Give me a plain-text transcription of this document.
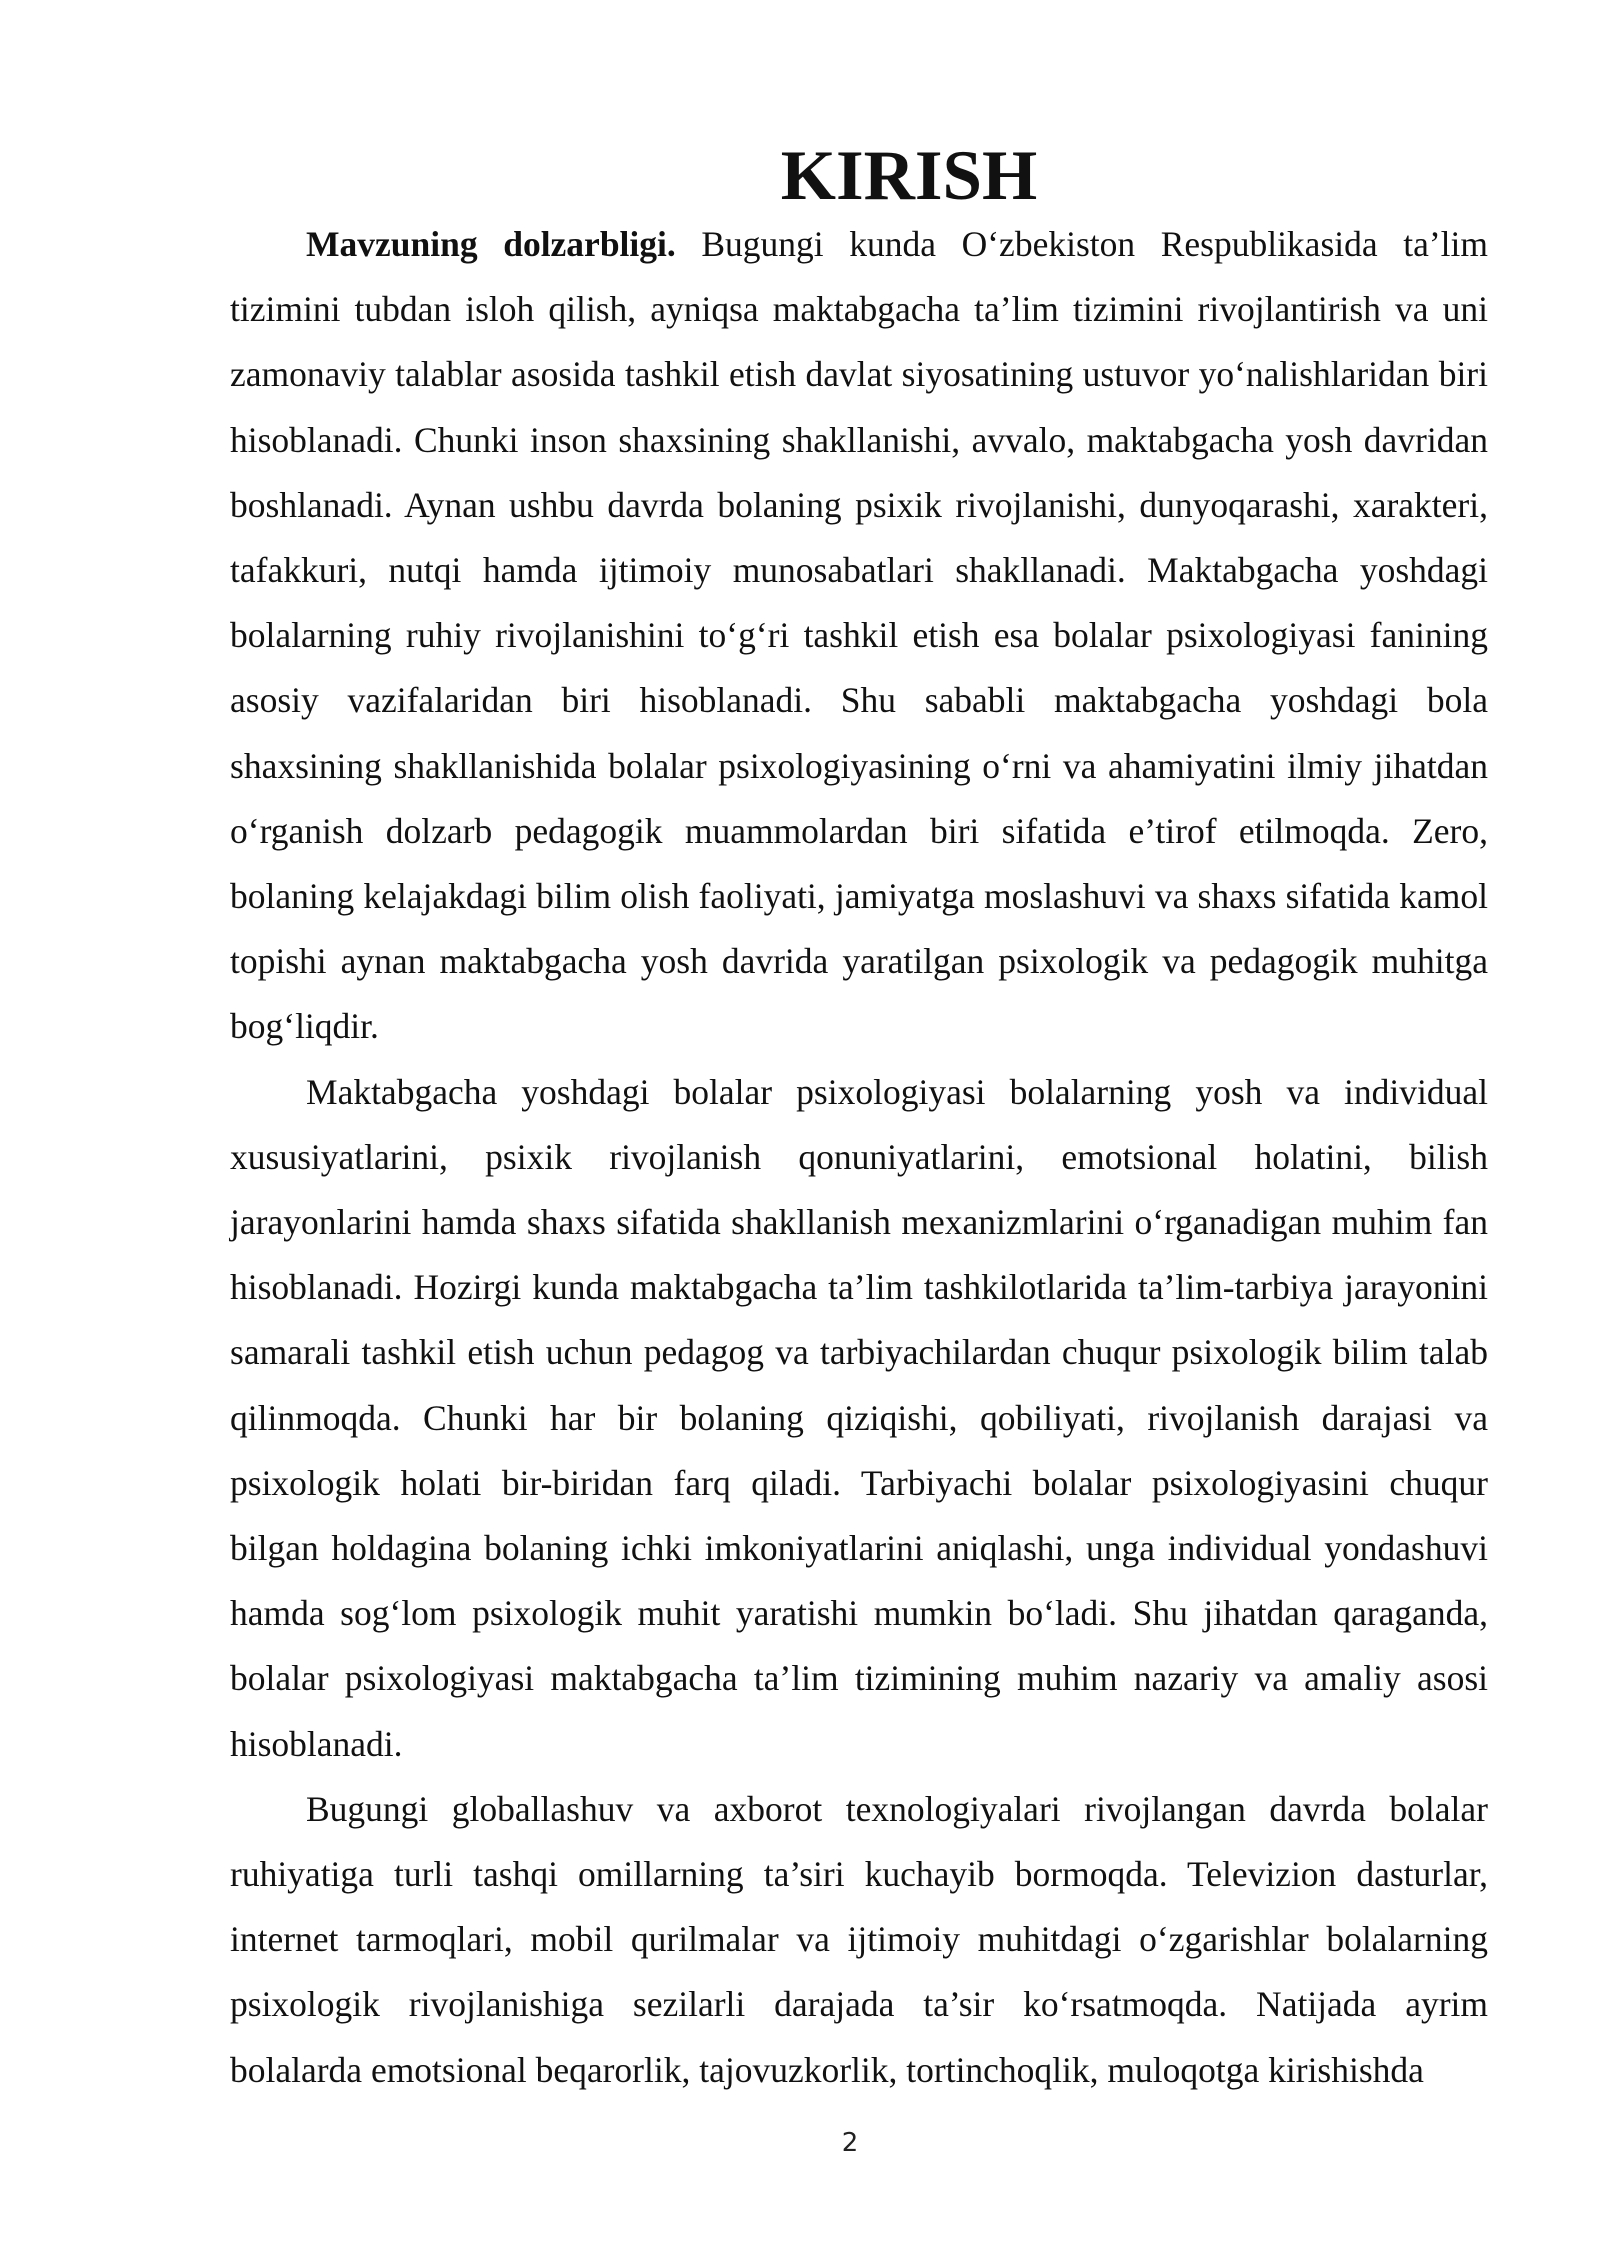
KIRISH

Mavzuning dolzarbligi. Bugungi kunda O‘zbekiston Respublikasida ta’lim tizimini tubdan isloh qilish, ayniqsa maktabgacha ta’lim tizimini rivojlantirish va uni zamonaviy talablar asosida tashkil etish davlat siyosatining ustuvor yo‘nalishlaridan biri hisoblanadi. Chunki inson shaxsining shakllanishi, avvalo, maktabgacha yosh davridan boshlanadi. Aynan ushbu davrda bolaning psixik rivojlanishi, dunyoqarashi, xarakteri, tafakkuri, nutqi hamda ijtimoiy munosabatlari shakllanadi. Maktabgacha yoshdagi bolalarning ruhiy rivojlanishini to‘g‘ri tashkil etish esa bolalar psixologiyasi fanining asosiy vazifalaridan biri hisoblanadi. Shu sababli maktabgacha yoshdagi bola shaxsining shakllanishida bolalar psixologiyasining o‘rni va ahamiyatini ilmiy jihatdan o‘rganish dolzarb pedagogik muammolardan biri sifatida e’tirof etilmoqda. Zero, bolaning kelajakdagi bilim olish faoliyati, jamiyatga moslashuvi va shaxs sifatida kamol topishi aynan maktabgacha yosh davrida yaratilgan psixologik va pedagogik muhitga bog‘liqdir.

Maktabgacha yoshdagi bolalar psixologiyasi bolalarning yosh va individual xususiyatlarini, psixik rivojlanish qonuniyatlarini, emotsional holatini, bilish jarayonlarini hamda shaxs sifatida shakllanish mexanizmlarini o‘rganadigan muhim fan hisoblanadi. Hozirgi kunda maktabgacha ta’lim tashkilotlarida ta’lim-tarbiya jarayonini samarali tashkil etish uchun pedagog va tarbiyachilardan chuqur psixologik bilim talab qilinmoqda. Chunki har bir bolaning qiziqishi, qobiliyati, rivojlanish darajasi va psixologik holati bir-biridan farq qiladi. Tarbiyachi bolalar psixologiyasini chuqur bilgan holdagina bolaning ichki imkoniyatlarini aniqlashi, unga individual yondashuvi hamda sog‘lom psixologik muhit yaratishi mumkin bo‘ladi. Shu jihatdan qaraganda, bolalar psixologiyasi maktabgacha ta’lim tizimining muhim nazariy va amaliy asosi hisoblanadi.

Bugungi globallashuv va axborot texnologiyalari rivojlangan davrda bolalar ruhiyatiga turli tashqi omillarning ta’siri kuchayib bormoqda. Televizion dasturlar, internet tarmoqlari, mobil qurilmalar va ijtimoiy muhitdagi o‘zgarishlar bolalarning psixologik rivojlanishiga sezilarli darajada ta’sir ko‘rsatmoqda. Natijada ayrim bolalarda emotsional beqarorlik, tajovuzkorlik, tortinchoqlik, muloqotga kirishishda

2
